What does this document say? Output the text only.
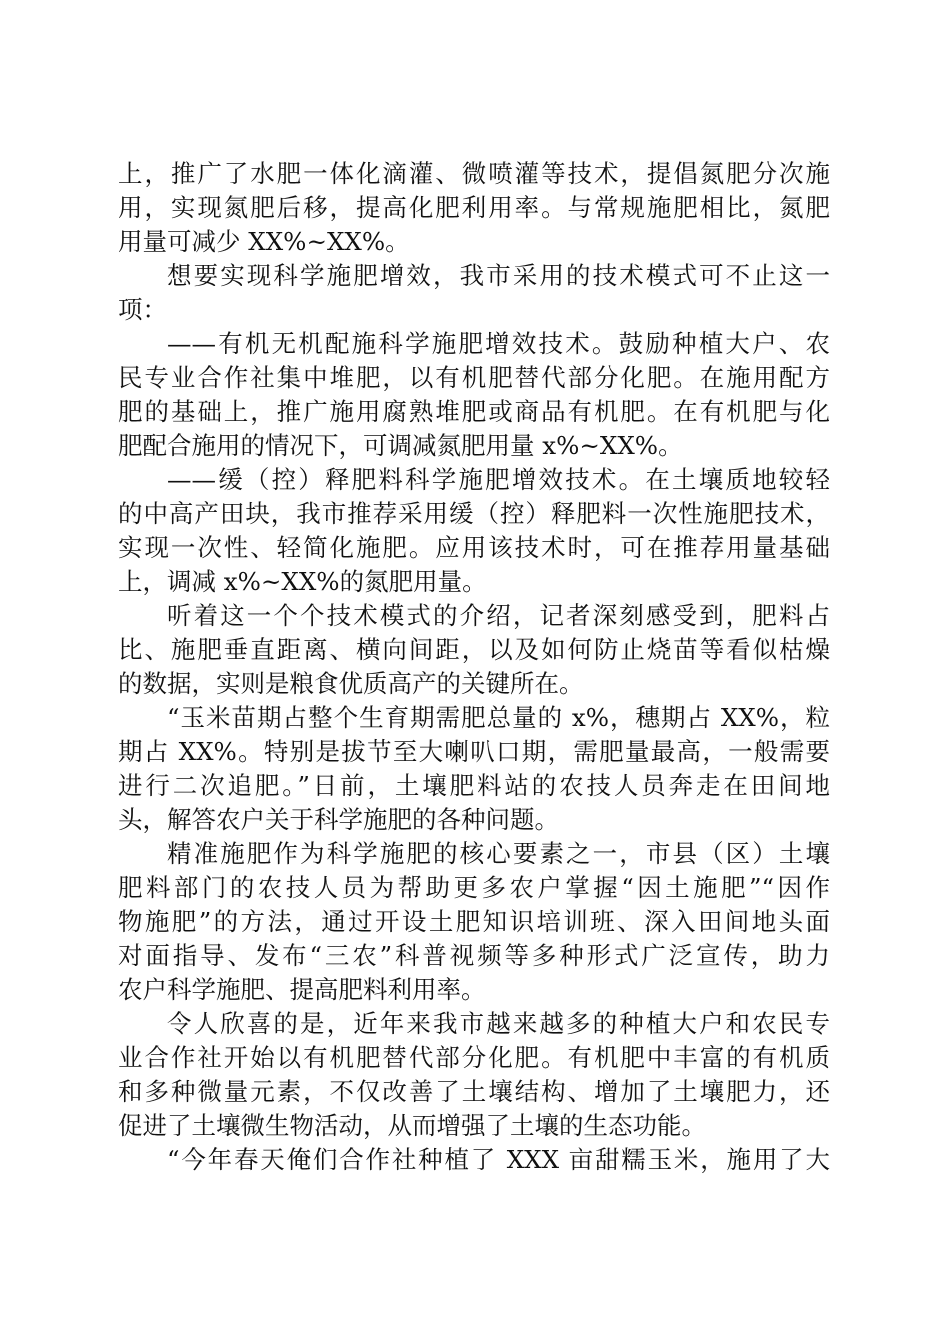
上，推广了水肥一体化滴灌、微喷灌等技术，提倡氮肥分次施
用，实现氮肥后移，提高化肥利用率。与常规施肥相比，氮肥
用量可减少 XX%~XX%。
想要实现科学施肥增效，我市采用的技术模式可不止这一
项：
——有机无机配施科学施肥增效技术。鼓励种植大户、农
民专业合作社集中堆肥，以有机肥替代部分化肥。在施用配方
肥的基础上，推广施用腐熟堆肥或商品有机肥。在有机肥与化
肥配合施用的情况下，可调减氮肥用量 x%~XX%。
——缓（控）释肥料科学施肥增效技术。在土壤质地较轻
的中高产田块，我市推荐采用缓（控）释肥料一次性施肥技术，
实现一次性、轻简化施肥。应用该技术时，可在推荐用量基础
上，调减 x%~XX%的氮肥用量。
听着这一个个技术模式的介绍，记者深刻感受到，肥料占
比、施肥垂直距离、横向间距，以及如何防止烧苗等看似枯燥
的数据，实则是粮食优质高产的关键所在。
“玉米苗期占整个生育期需肥总量的 x%，穗期占 XX%，粒
期占 XX%。特别是拔节至大喇叭口期，需肥量最高，一般需要
进行二次追肥。”日前，土壤肥料站的农技人员奔走在田间地
头，解答农户关于科学施肥的各种问题。
精准施肥作为科学施肥的核心要素之一，市县（区）土壤
肥料部门的农技人员为帮助更多农户掌握“因土施肥”“因作
物施肥”的方法，通过开设土肥知识培训班、深入田间地头面
对面指导、发布“三农”科普视频等多种形式广泛宣传，助力
农户科学施肥、提高肥料利用率。
令人欣喜的是，近年来我市越来越多的种植大户和农民专
业合作社开始以有机肥替代部分化肥。有机肥中丰富的有机质
和多种微量元素，不仅改善了土壤结构、增加了土壤肥力，还
促进了土壤微生物活动，从而增强了土壤的生态功能。
“今年春天俺们合作社种植了 XXX 亩甜糯玉米，施用了大
